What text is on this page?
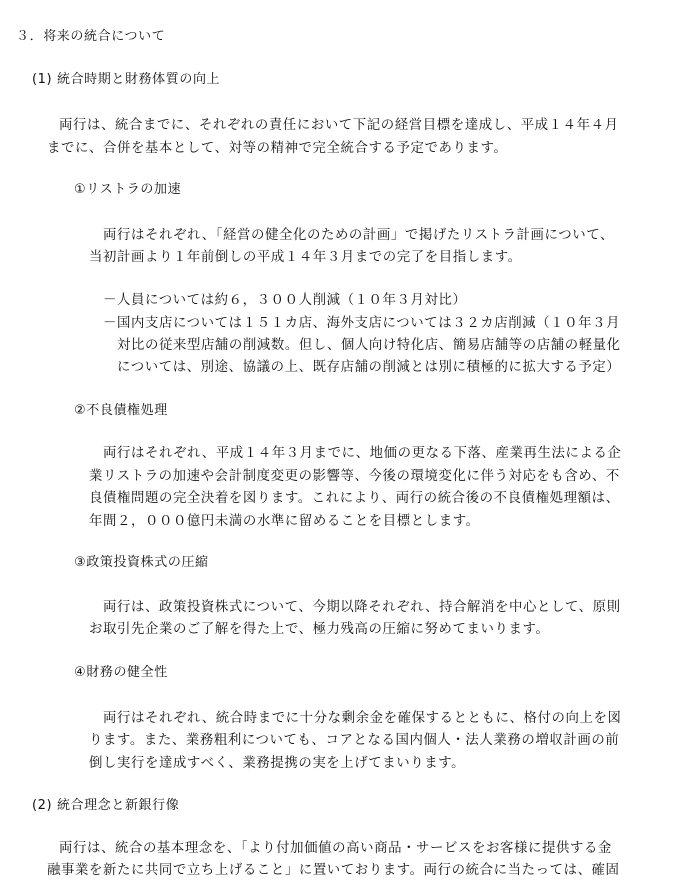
３．将来の統合について
(1) 統合時期と財務体質の向上
両行は、統合までに、それぞれの責任において下記の経営目標を達成し、平成１４年４月
までに、合併を基本として、対等の精神で完全統合する予定であります。
①リストラの加速
両行はそれぞれ、「経営の健全化のための計画」で掲げたリストラ計画について、
当初計画より１年前倒しの平成１４年３月までの完了を目指します。
－人員については約６，３００人削減（１０年３月対比）
－国内支店については１５１カ店、海外支店については３２カ店削減（１０年３月
対比の従来型店舗の削減数。但し、個人向け特化店、簡易店舗等の店舗の軽量化
については、別途、協議の上、既存店舗の削減とは別に積極的に拡大する予定）
②不良債権処理
両行はそれぞれ、平成１４年３月までに、地価の更なる下落、産業再生法による企
業リストラの加速や会計制度変更の影響等、今後の環境変化に伴う対応をも含め、不
良債権問題の完全決着を図ります。これにより、両行の統合後の不良債権処理額は、
年間２，０００億円未満の水準に留めることを目標とします。
③政策投資株式の圧縮
両行は、政策投資株式について、今期以降それぞれ、持合解消を中心として、原則
お取引先企業のご了解を得た上で、極力残高の圧縮に努めてまいります。
④財務の健全性
両行はそれぞれ、統合時までに十分な剰余金を確保するとともに、格付の向上を図
ります。また、業務粗利についても、コアとなる国内個人・法人業務の増収計画の前
倒し実行を達成すべく、業務提携の実を上げてまいります。
(2) 統合理念と新銀行像
両行は、統合の基本理念を、「より付加価値の高い商品・サービスをお客様に提供する金
融事業を新たに共同で立ち上げること」に置いております。両行の統合に当たっては、確固
